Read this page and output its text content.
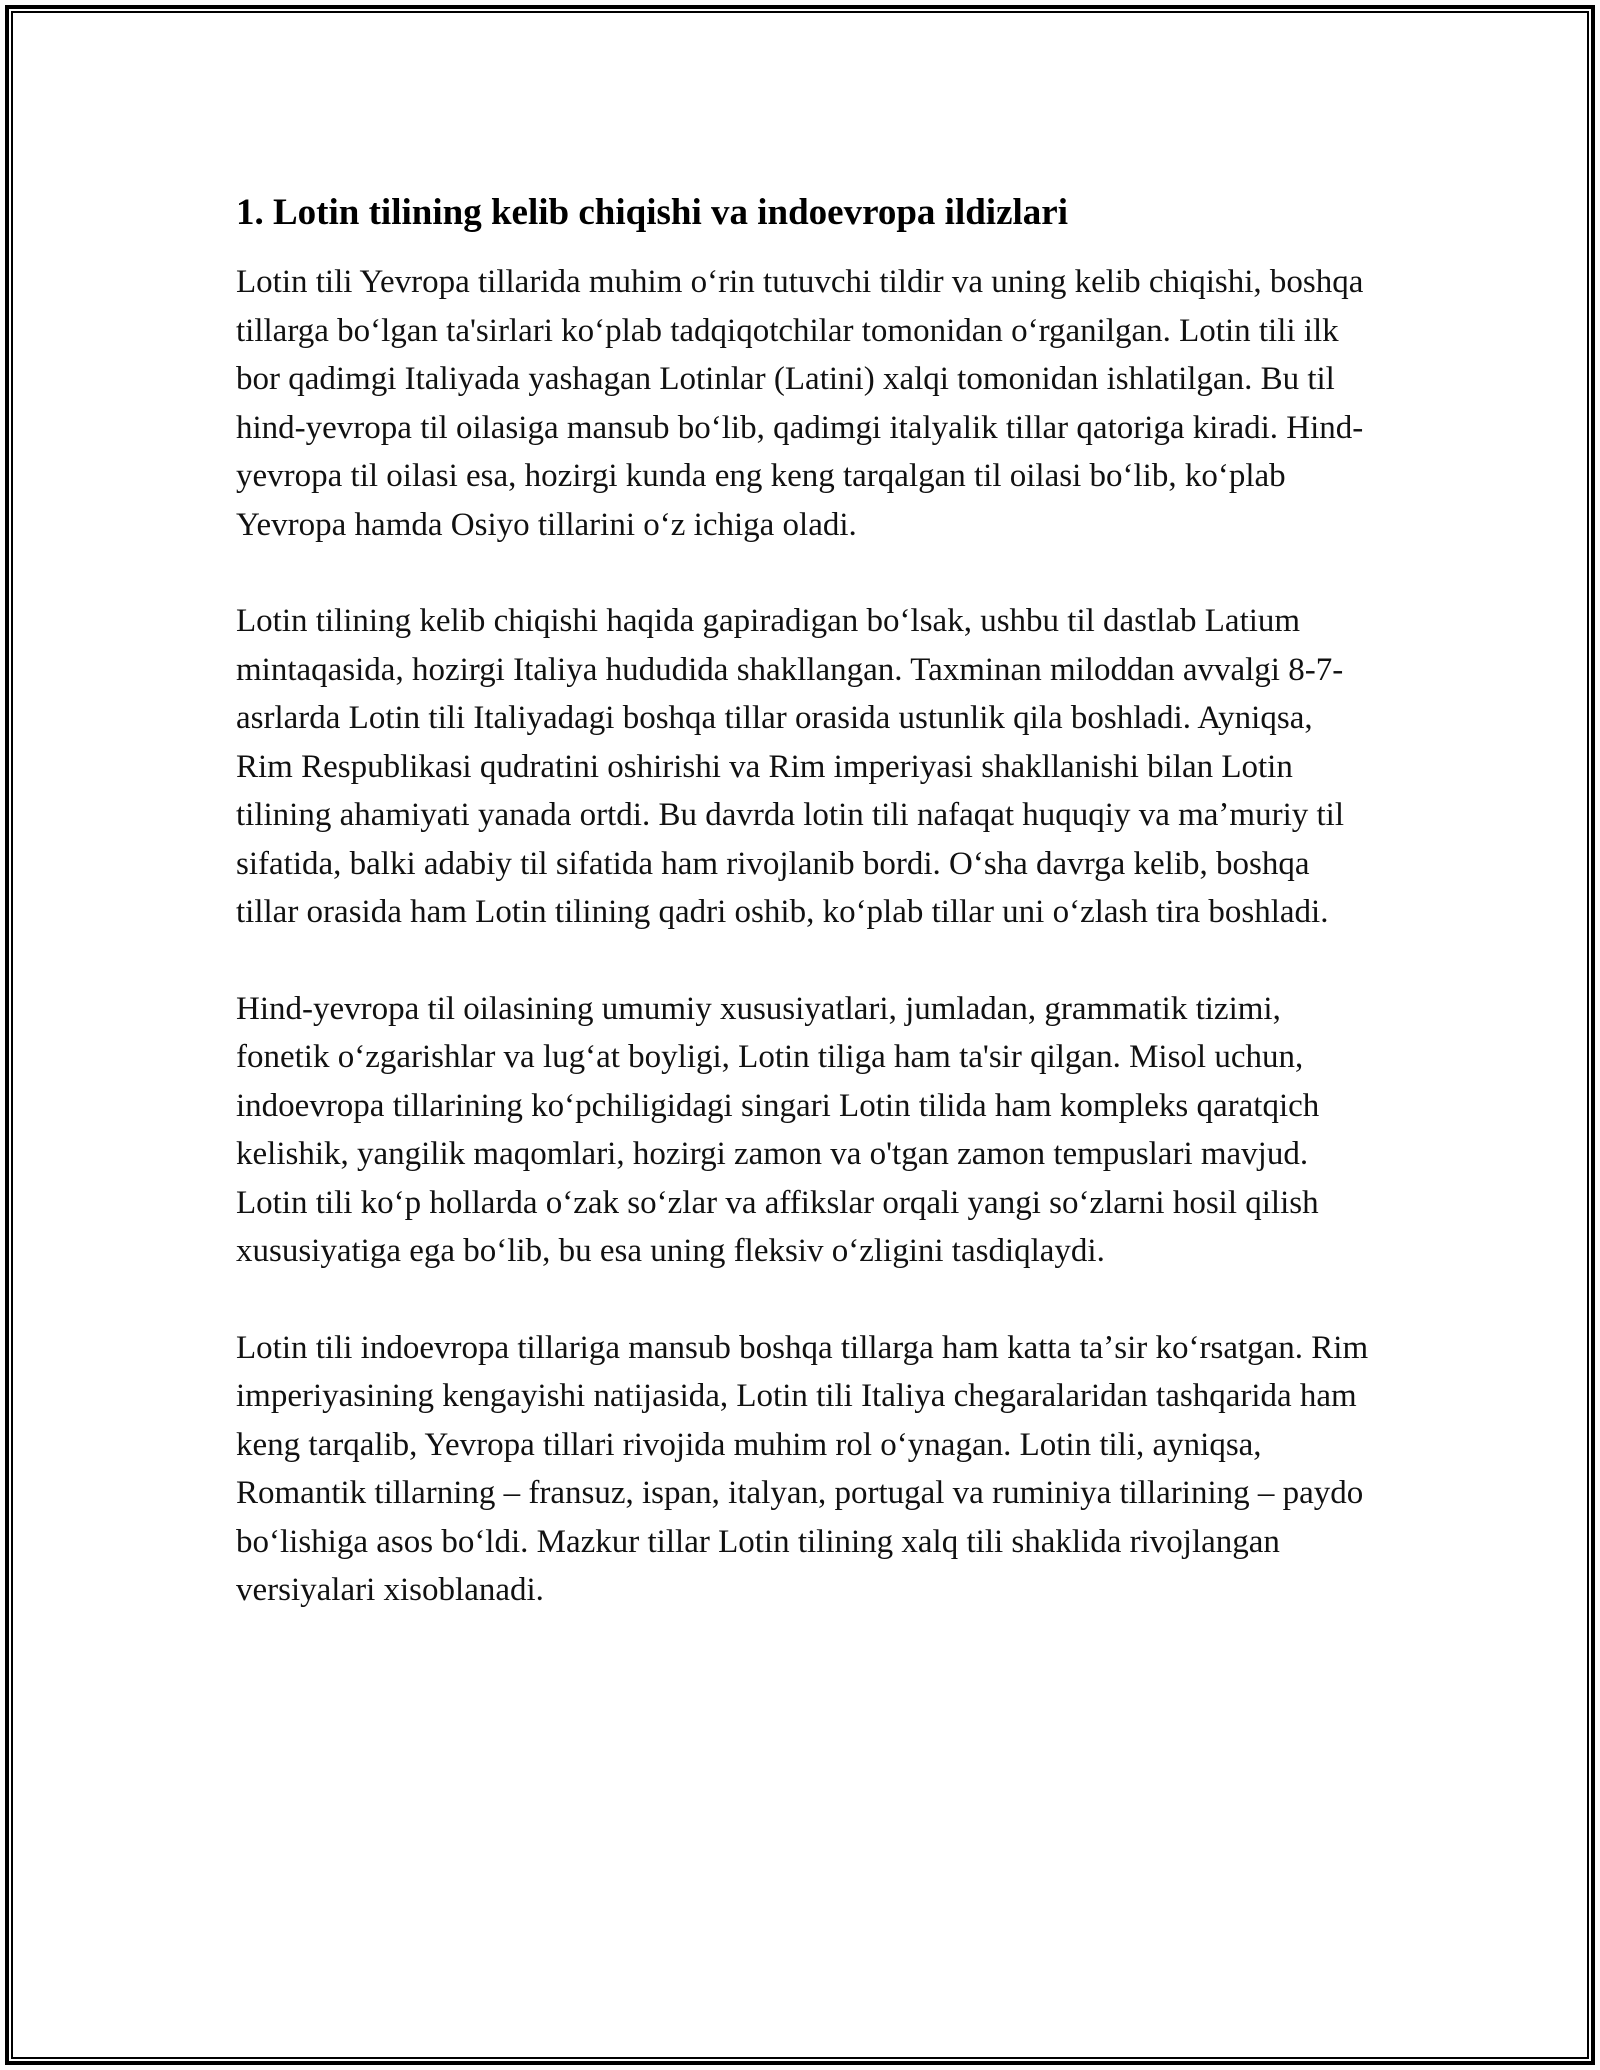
1. Lotin tilining kelib chiqishi va indoevropa ildizlari

Lotin tili Yevropa tillarida muhim oʻrin tutuvchi tildir va uning kelib chiqishi, boshqa tillarga boʻlgan ta'sirlari koʻplab tadqiqotchilar tomonidan oʻrganilgan. Lotin tili ilk bor qadimgi Italiyada yashagan Lotinlar (Latini) xalqi tomonidan ishlatilgan. Bu til hind-yevropa til oilasiga mansub boʻlib, qadimgi italyalik tillar qatoriga kiradi. Hind-yevropa til oilasi esa, hozirgi kunda eng keng tarqalgan til oilasi boʻlib, koʻplab Yevropa hamda Osiyo tillarini oʻz ichiga oladi.

Lotin tilining kelib chiqishi haqida gapiradigan boʻlsak, ushbu til dastlab Latium mintaqasida, hozirgi Italiya hududida shakllangan. Taxminan miloddan avvalgi 8-7-asrlarda Lotin tili Italiyadagi boshqa tillar orasida ustunlik qila boshladi. Ayniqsa, Rim Respublikasi qudratini oshirishi va Rim imperiyasi shakllanishi bilan Lotin tilining ahamiyati yanada ortdi. Bu davrda lotin tili nafaqat huquqiy va maʼmuriy til sifatida, balki adabiy til sifatida ham rivojlanib bordi. Oʻsha davrga kelib, boshqa tillar orasida ham Lotin tilining qadri oshib, koʻplab tillar uni oʻzlash tira boshladi.

Hind-yevropa til oilasining umumiy xususiyatlari, jumladan, grammatik tizimi, fonetik oʻzgarishlar va lugʻat boyligi, Lotin tiliga ham ta'sir qilgan. Misol uchun, indoevropa tillarining koʻpchiligidagi singari Lotin tilida ham kompleks qaratqich kelishik, yangilik maqomlari, hozirgi zamon va o'tgan zamon tempuslari mavjud. Lotin tili koʻp hollarda oʻzak soʻzlar va affikslar orqali yangi soʻzlarni hosil qilish xususiyatiga ega boʻlib, bu esa uning fleksiv oʻzligini tasdiqlaydi.

Lotin tili indoevropa tillariga mansub boshqa tillarga ham katta taʼsir koʻrsatgan. Rim imperiyasining kengayishi natijasida, Lotin tili Italiya chegaralaridan tashqarida ham keng tarqalib, Yevropa tillari rivojida muhim rol oʻynagan. Lotin tili, ayniqsa, Romantik tillarning – fransuz, ispan, italyan, portugal va ruminiya tillarining – paydo boʻlishiga asos boʻldi. Mazkur tillar Lotin tilining xalq tili shaklida rivojlangan versiyalari xisoblanadi.
